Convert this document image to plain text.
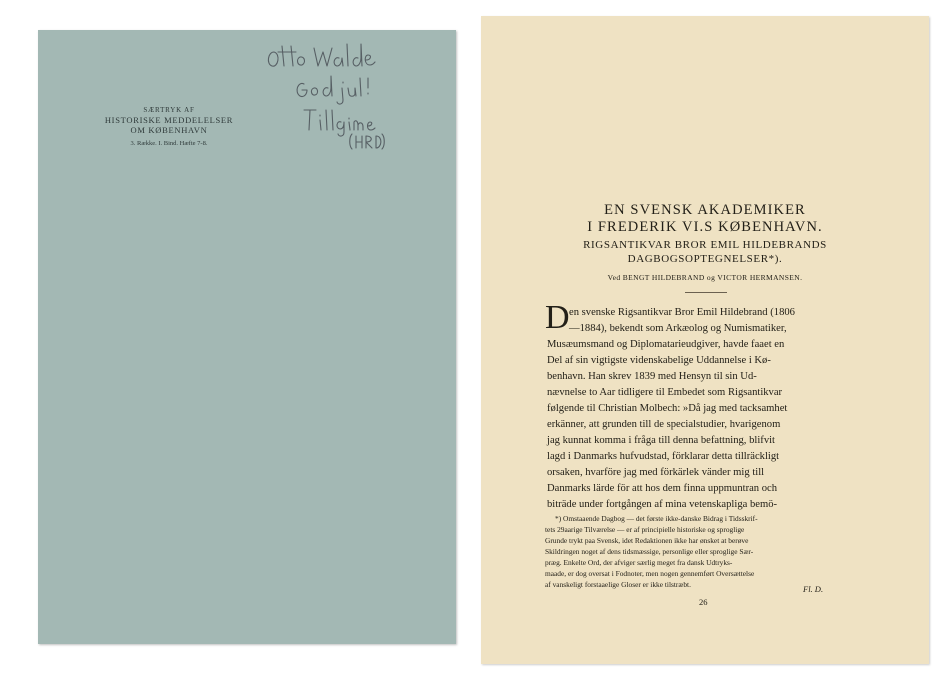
SÆRTRYK AF
HISTORISKE MEDDELELSER
OM KØBENHAVN
3. Række. I. Bind. Hæfte 7-8.
Otto Walde
God jul!
Tillgime
(HRD)
EN SVENSK AKADEMIKER
I FREDERIK VI.S KØBENHAVN.
RIGSANTIKVAR BROR EMIL HILDEBRANDS
DAGBOGSOPTEGNELSER*).
Ved BENGT HILDEBRAND og VICTOR HERMANSEN.
D en svenske Rigsantikvar Bror Emil Hildebrand (1806
—1884), bekendt som Arkæolog og Numismatiker,
Musæumsmand og Diplomatarieudgiver, havde faaet en
Del af sin vigtigste videnskabelige Uddannelse i Kø-
benhavn. Han skrev 1839 med Hensyn til sin Ud-
nævnelse to Aar tidligere til Embedet som Rigsantikvar
følgende til Christian Molbech: »Då jag med tacksamhet
erkänner, att grunden till de specialstudier, hvarigenom
jag kunnat komma i fråga till denna befattning, blifvit
lagd i Danmarks hufvudstad, förklarar detta tillräckligt
orsaken, hvarföre jag med förkärlek vänder mig till
Danmarks lärde för att hos dem finna uppmuntran och
biträde under fortgången af mina vetenskapliga bemö-
*) Omstaaende Dagbog — det første ikke-danske Bidrag i Tidsskrif-
tets 29aarige Tilværelse — er af principielle historiske og sproglige
Grunde trykt paa Svensk, idet Redaktionen ikke har ønsket at berøve
Skildringen noget af dens tidsmæssige, personlige eller sproglige Sær-
præg. Enkelte Ord, der afviger særlig meget fra dansk Udtryks-
maade, er dog oversat i Fodnoter, men nogen gennemført Oversættelse
af vanskeligt forstaaelige Gloser er ikke tilstræbt.	Fl. D.
26
